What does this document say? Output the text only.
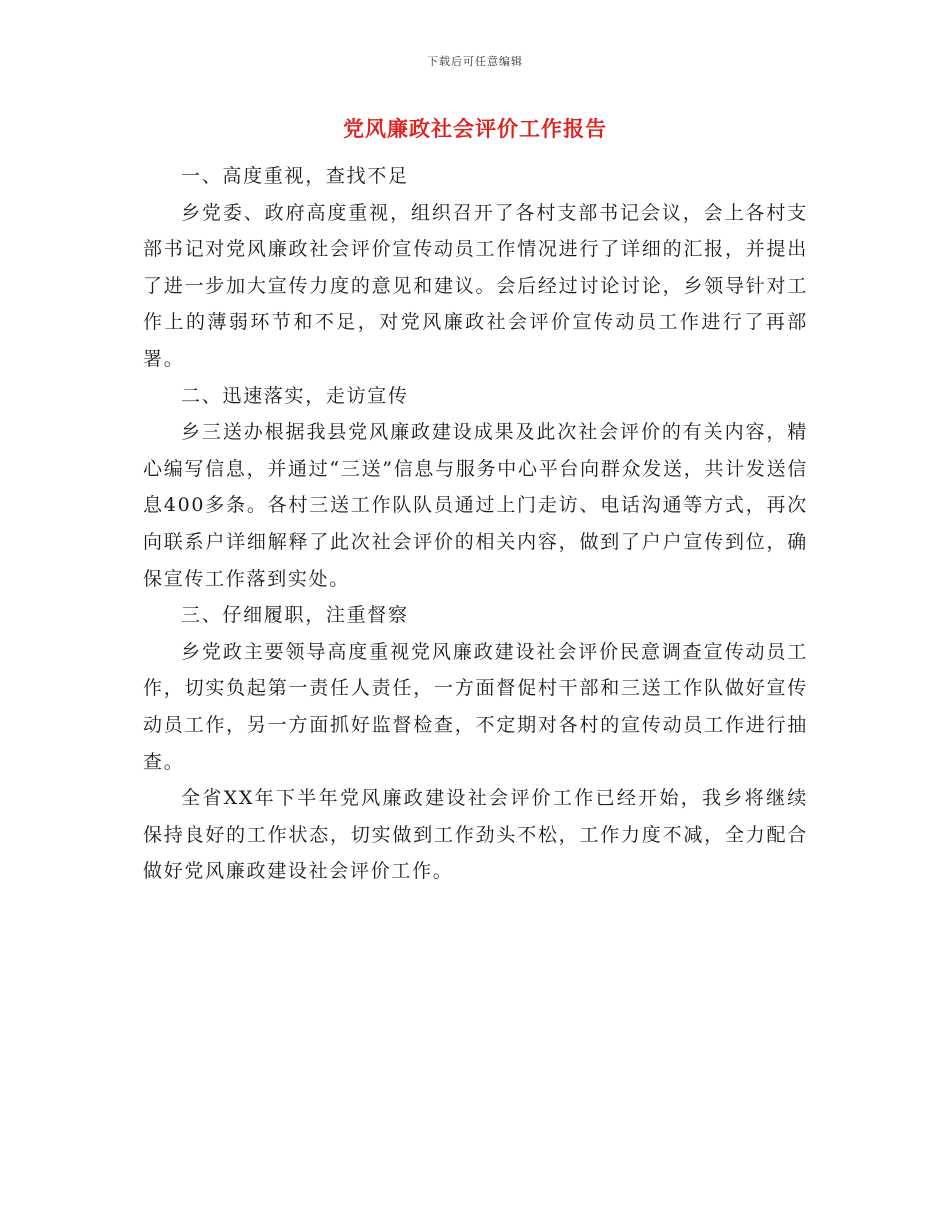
下载后可任意编辑
党风廉政社会评价工作报告

一、高度重视，查找不足

乡党委、政府高度重视，组织召开了各村支部书记会议，会上各村支部书记对党风廉政社会评价宣传动员工作情况进行了详细的汇报，并提出了进一步加大宣传力度的意见和建议。会后经过讨论讨论，乡领导针对工作上的薄弱环节和不足，对党风廉政社会评价宣传动员工作进行了再部署。

二、迅速落实，走访宣传

乡三送办根据我县党风廉政建设成果及此次社会评价的有关内容，精心编写信息，并通过“三送”信息与服务中心平台向群众发送，共计发送信息400多条。各村三送工作队队员通过上门走访、电话沟通等方式，再次向联系户详细解释了此次社会评价的相关内容，做到了户户宣传到位，确保宣传工作落到实处。

三、仔细履职，注重督察

乡党政主要领导高度重视党风廉政建设社会评价民意调查宣传动员工作，切实负起第一责任人责任，一方面督促村干部和三送工作队做好宣传动员工作，另一方面抓好监督检查，不定期对各村的宣传动员工作进行抽查。

全省XX年下半年党风廉政建设社会评价工作已经开始，我乡将继续保持良好的工作状态，切实做到工作劲头不松，工作力度不减，全力配合做好党风廉政建设社会评价工作。
